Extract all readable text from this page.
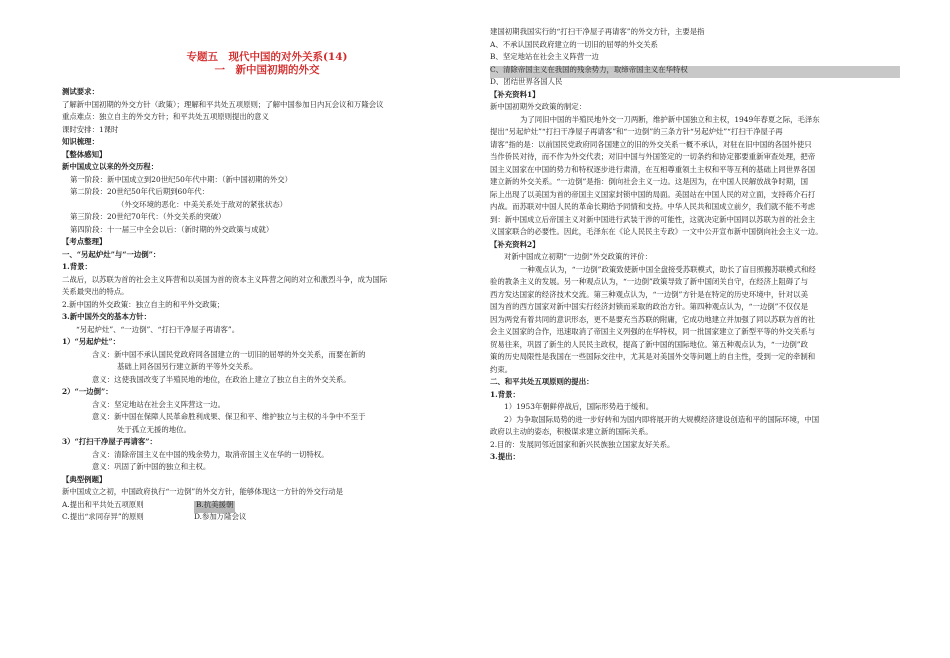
专题五　现代中国的对外关系(14)
一　新中国初期的外交
测试要求：
了解新中国初期的外交方针（政策）；理解和平共处五项原则；了解中国参加日内瓦会议和万隆会议
重点难点：独立自主的外交方针；和平共处五项原则提出的意义
课时安排：1课时
知识梳理：
【整体感知】
新中国成立以来的外交历程：
第一阶段：新中国成立到20世纪50年代中期：（新中国初期的外交）
第二阶段：20世纪50年代后期到60年代：
（外交环境的恶化：中美关系处于敌对的紧张状态）
第三阶段：20世纪70年代：（外交关系的突破）
第四阶段：十一届三中全会以后：（新时期的外交政策与成就）
【考点整理】
一、“另起炉灶”与“一边倒”：
1.背景：
二战后，以苏联为首的社会主义阵营和以美国为首的资本主义阵营之间的对立和激烈斗争，成为国际
关系最突出的特点。
2.新中国的外交政策：独立自主的和平外交政策；
3.新中国外交的基本方针：
“另起炉灶”、“一边倒”、“打扫干净屋子再请客”。
1）“另起炉灶”：
含义：新中国不承认国民党政府同各国建立的一切旧的屈辱的外交关系，而要在新的
基础上同各国另行建立新的平等外交关系。
意义：这使我国改变了半殖民地的地位，在政治上建立了独立自主的外交关系。
2）“一边倒”：
含义：坚定地站在社会主义阵营这一边。
意义：新中国在保障人民革命胜利成果、保卫和平、维护独立与主权的斗争中不至于
处于孤立无援的地位。
3）“打扫干净屋子再请客”：
含义：清除帝国主义在中国的残余势力，取消帝国主义在华的一切特权。
意义：巩固了新中国的独立和主权。
【典型例题】
新中国成立之初，中国政府执行“一边倒”的外交方针，能够体现这一方针的外交行动是
A.提出和平共处五项原则	B.抗美援朝
C.提出“求同存异”的原则	D.参加万隆会议
建国初期我国实行的“打扫干净屋子再请客”的外交方针，主要是指
A、不承认国民政府建立的一切旧的屈辱的外交关系
B、坚定地站在社会主义阵营一边
C、清除帝国主义在我国的残余势力，取缔帝国主义在华特权
D、团结世界各国人民
【补充资料1】
新中国初期外交政策的制定：
为了同旧中国的半殖民地外交一刀两断，维护新中国独立和主权，1949年春夏之际，毛泽东
提出“另起炉灶”“打扫干净屋子再请客”和“一边倒”的三条方针“另起炉灶”“打扫干净屋子再
请客”指的是：以前国民党政府同各国建立的旧的外交关系一概不承认，对驻在旧中国的各国外使只
当作侨民对待，而不作为外交代表；对旧中国与外国签定的一切条约和协定都要重新审查处理，把帝
国主义国家在中国的势力和特权逐步进行肃清，在互相尊重领土主权和平等互利的基础上同世界各国
建立新的外交关系。“一边倒”是指：倒向社会主义一边。这是因为，在中国人民解放战争时期，国
际上出现了以美国为首的帝国主义国家封锁中国的局面。美国站在中国人民的对立面，支持蒋介石打
内战。而苏联对中国人民的革命长期给予同情和支持。中华人民共和国成立前夕，我们就不能不考虑
到：新中国成立后帝国主义对新中国进行武装干涉的可能性，这就决定新中国同以苏联为首的社会主
义国家联合的必要性。因此，毛泽东在《论人民民主专政》一文中公开宣布新中国倒向社会主义一边。
【补充资料2】
对新中国成立初期“一边倒”外交政策的评价：
一种观点认为，“一边倒”政策致使新中国全盘接受苏联模式，助长了盲目照搬苏联模式和经
验的教条主义的发展。另一种观点认为，“一边倒”政策导致了新中国闭关自守，在经济上阻碍了与
西方发达国家的经济技术交流。第三种观点认为，“一边倒”方针是在特定的历史环境中，针对以美
国为首的西方国家对新中国实行经济封锁而采取的政治方针。第四种观点认为，“一边倒”不仅仅是
因为两党有着共同的意识形态，更不是要充当苏联的附庸，它成功地建立并加强了同以苏联为首的社
会主义国家的合作，迅速取消了帝国主义列强的在华特权，同一批国家建立了新型平等的外交关系与
贸易往来，巩固了新生的人民民主政权，提高了新中国的国际地位。第五种观点认为，“一边倒”政
策的历史局限性是我国在一些国际交往中，尤其是对美国外交等问题上的自主性，受到一定的牵制和
约束。
二、和平共处五项原则的提出：
1.背景：
1）1953年朝鲜停战后，国际形势趋于缓和。
2）为争取国际局势的进一步好转和为国内即将展开的大规模经济建设创造和平的国际环境，中国
政府以主动的姿态，积极谋求建立新的国际关系。
2.目的：发展同邻近国家和新兴民族独立国家友好关系。
3.提出：
